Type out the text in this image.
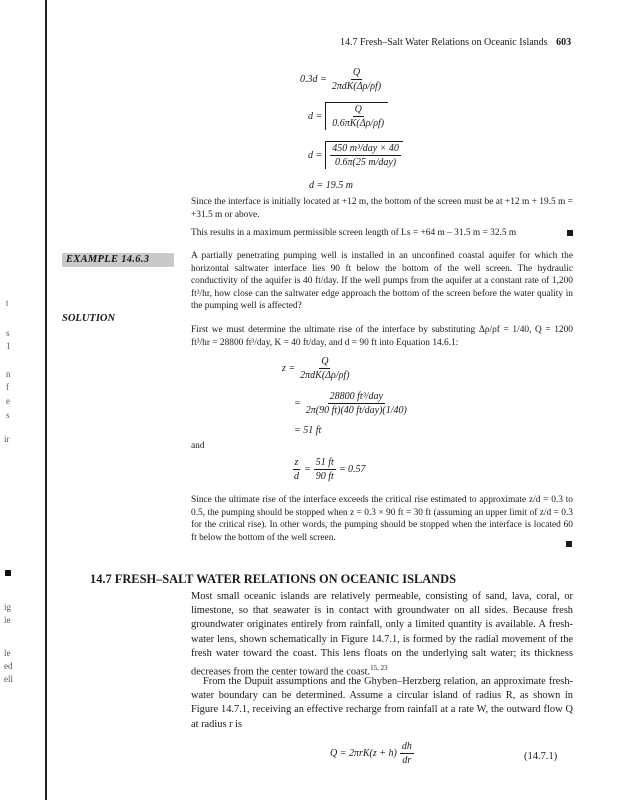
t
s
1
n
f
e
s
ir
ig
ie
le
ed
ell
14.7 Fresh–Salt Water Relations on Oceanic Islands 603
$0.3d = \frac{Q}{\text{2πdK(Δρ/ρf)}}$
$d = \frac{Q}{0.6\pi K(\Delta\rho/\rho f)}$
$d = \frac{\text{450 m³/day × 40}}{\text{0.6π(25 m/day)}}$
d = 19.5 m
Since the interface is initially located at +12 m, the bottom of the screen must be at +12 m + 19.5 m = +31.5 m or above.
This results in a maximum permissible screen length of Ls = +64 m – 31.5 m = 32.5 m
EXAMPLE 14.6.3	A partially penetrating pumping well is installed in an unconfined coastal aquifer for which the horizontal saltwater interface lies 90 ft below the bottom of the well screen. The hydraulic conductivity of the aquifer is 40 ft/day. If the well pumps from the aquifer at a constant rate of 1,200 ft³/hr, how close can the saltwater edge approach the bottom of the screen before the water quality in the pumping well is affected?
SOLUTION
First we must determine the ultimate rise of the interface by substituting Δρ/ρf = 1/40, Q = 1200 ft³/hr = 28800 ft³/day, K = 40 ft/day, and d = 90 ft into Equation 14.6.1:
$z = \frac{Q}{\text{2πdK(Δρ/ρf)}}$
= $\frac{\text{28800 ft³/day}}{\text{2π(90 ft)(40 ft/day)(1/40)}}$
= 51 ft
and
$\frac{z}{d} = \frac{51 ft}{90 ft} = 0.57$
Since the ultimate rise of the interface exceeds the critical rise estimated to approximate z/d = 0.3 to 0.5, the pumping should be stopped when z = 0.3 × 90 ft = 30 ft (assuming an upper limit of z/d = 0.3 for the critical rise). In other words, the pumping should be stopped when the interface is located 60 ft below the bottom of the well screen.
14.7 FRESH–SALT WATER RELATIONS ON OCEANIC ISLANDS
Most small oceanic islands are relatively permeable, consisting of sand, lava, coral, or limestone, so that seawater is in contact with groundwater on all sides. Because fresh groundwater originates entirely from rainfall, only a limited quantity is available. A fresh-water lens, shown schematically in Figure 14.7.1, is formed by the radial movement of the fresh water toward the coast. This lens floats on the underlying salt water; its thickness decreases from the center toward the coast.$^{15, 23}$
From the Dupuit assumptions and the Ghyben–Herzberg relation, an approximate fresh-water boundary can be determined. Assume a circular island of radius R, as shown in Figure 14.7.1, receiving an effective recharge from rainfall at a rate W, the outward flow Q at radius r is
$Q = 2\pi rK(z + h) \frac{dh}{dr}$	(14.7.1)
